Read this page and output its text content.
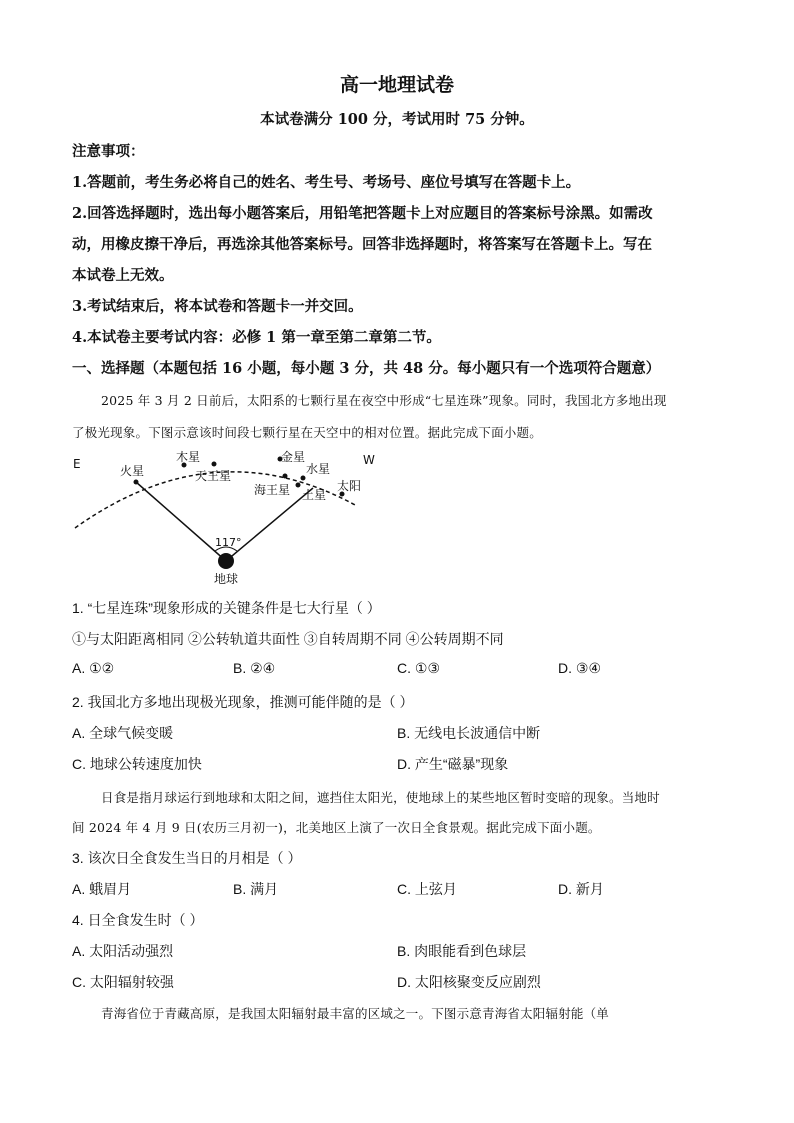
高一地理试卷
本试卷满分 100 分，考试用时 75 分钟。
注意事项：
1.答题前，考生务必将自己的姓名、考生号、考场号、座位号填写在答题卡上。
2.回答选择题时，选出每小题答案后，用铅笔把答题卡上对应题目的答案标号涂黑。如需改
动，用橡皮擦干净后，再选涂其他答案标号。回答非选择题时，将答案写在答题卡上。写在
本试卷上无效。
3.考试结束后，将本试卷和答题卡一并交回。
4.本试卷主要考试内容：必修 1 第一章至第二章第二节。
一、选择题（本题包括 16 小题，每小题 3 分，共 48 分。每小题只有一个选项符合题意）
2025 年 3 月 2 日前后，太阳系的七颗行星在夜空中形成“七星连珠”现象。同时，我国北方多地出现
了极光现象。下图示意该时间段七颗行星在天空中的相对位置。据此完成下面小题。
E	W
火星
木星
天王星
金星
海王星
水星
土星
太阳
117°
地球
1. “七星连珠”现象形成的关键条件是七大行星（ ）
①与太阳距离相同 ②公转轨道共面性 ③自转周期不同 ④公转周期不同
A. ①②	B. ②④	C. ①③	D. ③④
2. 我国北方多地出现极光现象，推测可能伴随的是（ ）
A. 全球气候变暖	B. 无线电长波通信中断
C. 地球公转速度加快	D. 产生“磁暴”现象
日食是指月球运行到地球和太阳之间，遮挡住太阳光，使地球上的某些地区暂时变暗的现象。当地时
间 2024 年 4 月 9 日(农历三月初一)，北美地区上演了一次日全食景观。据此完成下面小题。
3. 该次日全食发生当日的月相是（ ）
A. 蛾眉月	B. 满月	C. 上弦月	D. 新月
4. 日全食发生时（ ）
A. 太阳活动强烈	B. 肉眼能看到色球层
C. 太阳辐射较强	D. 太阳核聚变反应剧烈
青海省位于青藏高原，是我国太阳辐射最丰富的区域之一。下图示意青海省太阳辐射能（单
